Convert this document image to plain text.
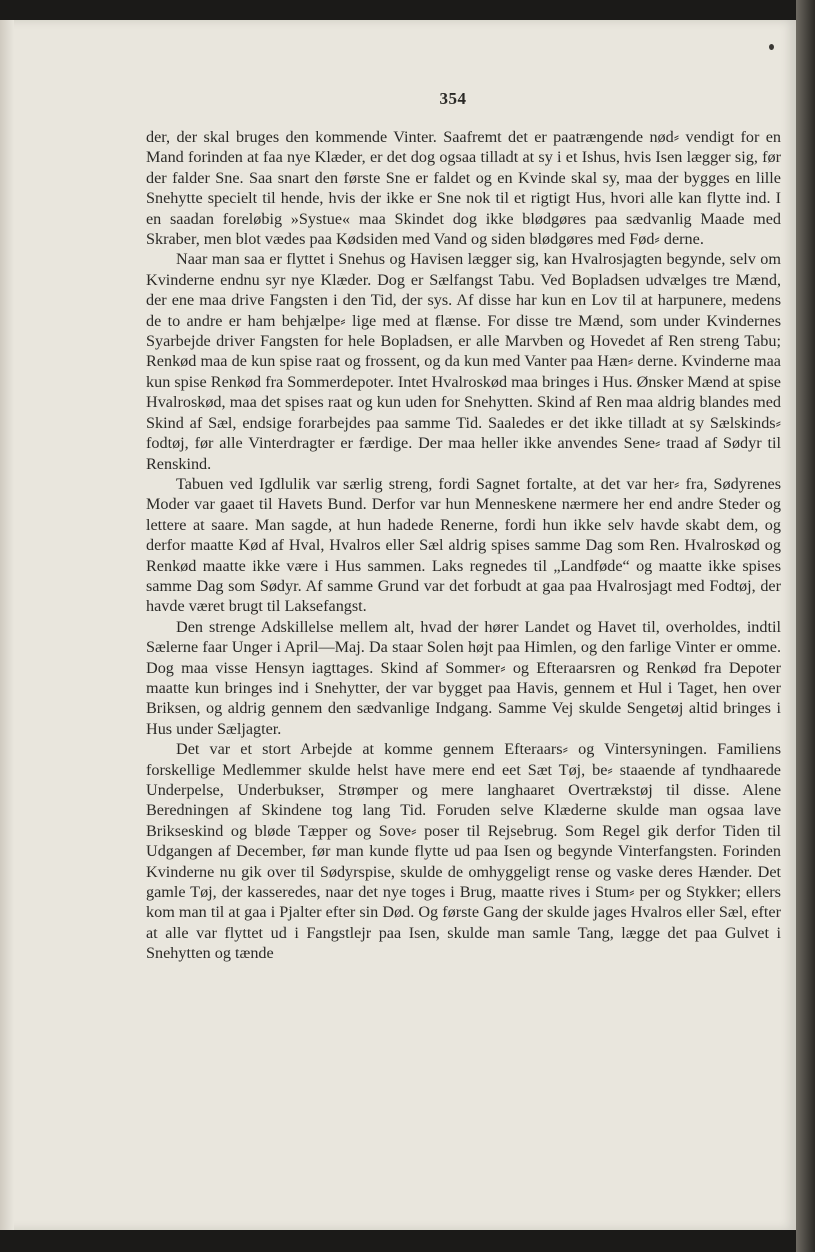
354

der, der skal bruges den kommende Vinter. Saafremt det er paatrængende nød⸗ vendigt for en Mand forinden at faa nye Klæder, er det dog ogsaa tilladt at sy i et Ishus, hvis Isen lægger sig, før der falder Sne. Saa snart den første Sne er faldet og en Kvinde skal sy, maa der bygges en lille Snehytte specielt til hende, hvis der ikke er Sne nok til et rigtigt Hus, hvori alle kan flytte ind. I en saadan foreløbig »Systue« maa Skindet dog ikke blødgøres paa sædvanlig Maade med Skraber, men blot vædes paa Kødsiden med Vand og siden blødgøres med Fød⸗ derne.

Naar man saa er flyttet i Snehus og Havisen lægger sig, kan Hvalrosjagten begynde, selv om Kvinderne endnu syr nye Klæder. Dog er Sælfangst Tabu. Ved Bopladsen udvælges tre Mænd, der ene maa drive Fangsten i den Tid, der sys. Af disse har kun en Lov til at harpunere, medens de to andre er ham behjælpe⸗ lige med at flænse. For disse tre Mænd, som under Kvindernes Syarbejde driver Fangsten for hele Bopladsen, er alle Marvben og Hovedet af Ren streng Tabu; Renkød maa de kun spise raat og frossent, og da kun med Vanter paa Hæn⸗ derne. Kvinderne maa kun spise Renkød fra Sommerdepoter. Intet Hvalroskød maa bringes i Hus. Ønsker Mænd at spise Hvalroskød, maa det spises raat og kun uden for Snehytten. Skind af Ren maa aldrig blandes med Skind af Sæl, endsige forarbejdes paa samme Tid. Saaledes er det ikke tilladt at sy Sælskinds⸗ fodtøj, før alle Vinterdragter er færdige. Der maa heller ikke anvendes Sene⸗ traad af Sødyr til Renskind.

Tabuen ved Igdlulik var særlig streng, fordi Sagnet fortalte, at det var her⸗ fra, Sødyrenes Moder var gaaet til Havets Bund. Derfor var hun Menneskene nærmere her end andre Steder og lettere at saare. Man sagde, at hun hadede Renerne, fordi hun ikke selv havde skabt dem, og derfor maatte Kød af Hval, Hvalros eller Sæl aldrig spises samme Dag som Ren. Hvalroskød og Renkød maatte ikke være i Hus sammen. Laks regnedes til „Landføde“ og maatte ikke spises samme Dag som Sødyr. Af samme Grund var det forbudt at gaa paa Hvalrosjagt med Fodtøj, der havde været brugt til Laksefangst.

Den strenge Adskillelse mellem alt, hvad der hører Landet og Havet til, overholdes, indtil Sælerne faar Unger i April—Maj. Da staar Solen højt paa Himlen, og den farlige Vinter er omme. Dog maa visse Hensyn iagttages. Skind af Sommer⸗ og Efteraarsren og Renkød fra Depoter maatte kun bringes ind i Snehytter, der var bygget paa Havis, gennem et Hul i Taget, hen over Briksen, og aldrig gennem den sædvanlige Indgang. Samme Vej skulde Sengetøj altid bringes i Hus under Sæljagter.

Det var et stort Arbejde at komme gennem Efteraars⸗ og Vintersyningen. Familiens forskellige Medlemmer skulde helst have mere end eet Sæt Tøj, be⸗ staaende af tyndhaarede Underpelse, Underbukser, Strømper og mere langhaaret Overtrækstøj til disse. Alene Beredningen af Skindene tog lang Tid. Foruden selve Klæderne skulde man ogsaa lave Brikseskind og bløde Tæpper og Sove⸗ poser til Rejsebrug. Som Regel gik derfor Tiden til Udgangen af December, før man kunde flytte ud paa Isen og begynde Vinterfangsten. Forinden Kvinderne nu gik over til Sødyrspise, skulde de omhyggeligt rense og vaske deres Hænder. Det gamle Tøj, der kasseredes, naar det nye toges i Brug, maatte rives i Stum⸗ per og Stykker; ellers kom man til at gaa i Pjalter efter sin Død. Og første Gang der skulde jages Hvalros eller Sæl, efter at alle var flyttet ud i Fangstlejr paa Isen, skulde man samle Tang, lægge det paa Gulvet i Snehytten og tænde
